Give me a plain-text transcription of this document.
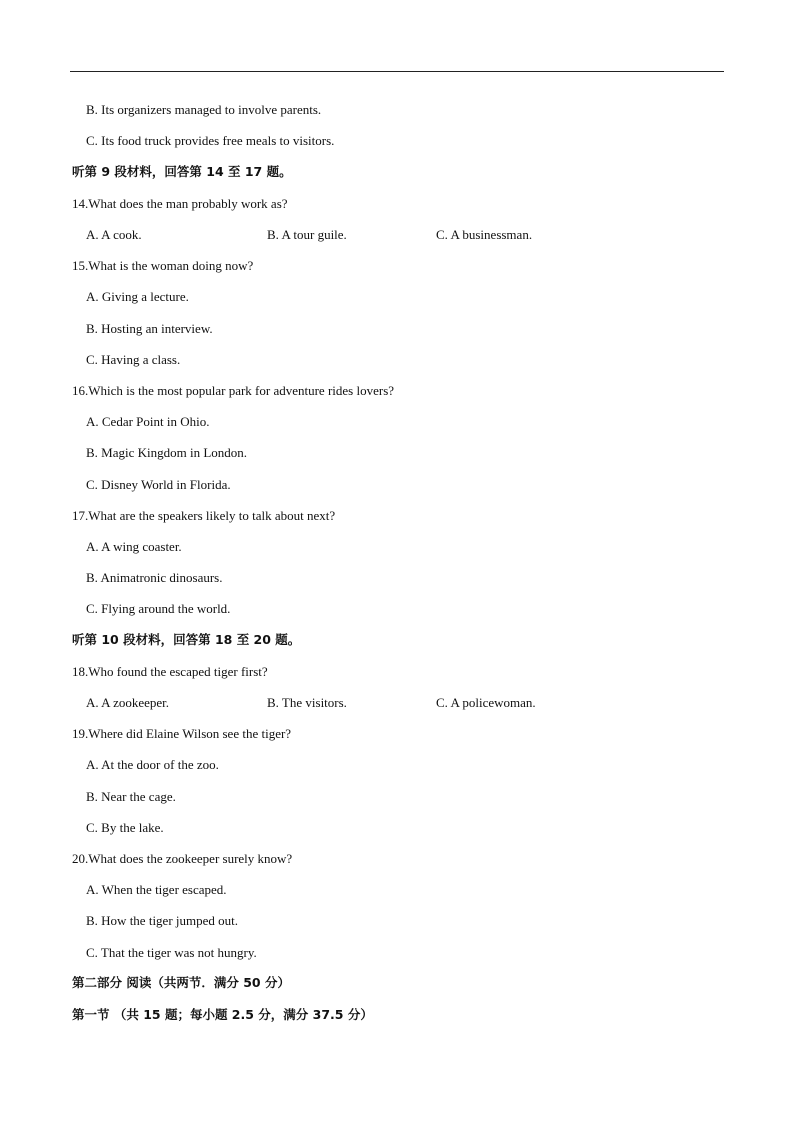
B. Its organizers managed to involve parents.
C. Its food truck provides free meals to visitors.
听第 9 段材料，回答第 14 至 17 题。
14.What does the man probably work as?
A. A cook.	B. A tour guile.	C. A businessman.
15.What is the woman doing now?
A. Giving a lecture.
B. Hosting an interview.
C. Having a class.
16.Which is the most popular park for adventure rides lovers?
A. Cedar Point in Ohio.
B. Magic Kingdom in London.
C. Disney World in Florida.
17.What are the speakers likely to talk about next?
A. A wing coaster.
B. Animatronic dinosaurs.
C. Flying around the world.
听第 10 段材料，回答第 18 至 20 题。
18.Who found the escaped tiger first?
A. A zookeeper.	B. The visitors.	C. A policewoman.
19.Where did Elaine Wilson see the tiger?
A. At the door of the zoo.
B. Near the cage.
C. By the lake.
20.What does the zookeeper surely know?
A. When the tiger escaped.
B. How the tiger jumped out.
C. That the tiger was not hungry.
第二部分 阅读（共两节．满分 50 分）
第一节 （共 15 题；每小题 2.5 分，满分 37.5 分）
